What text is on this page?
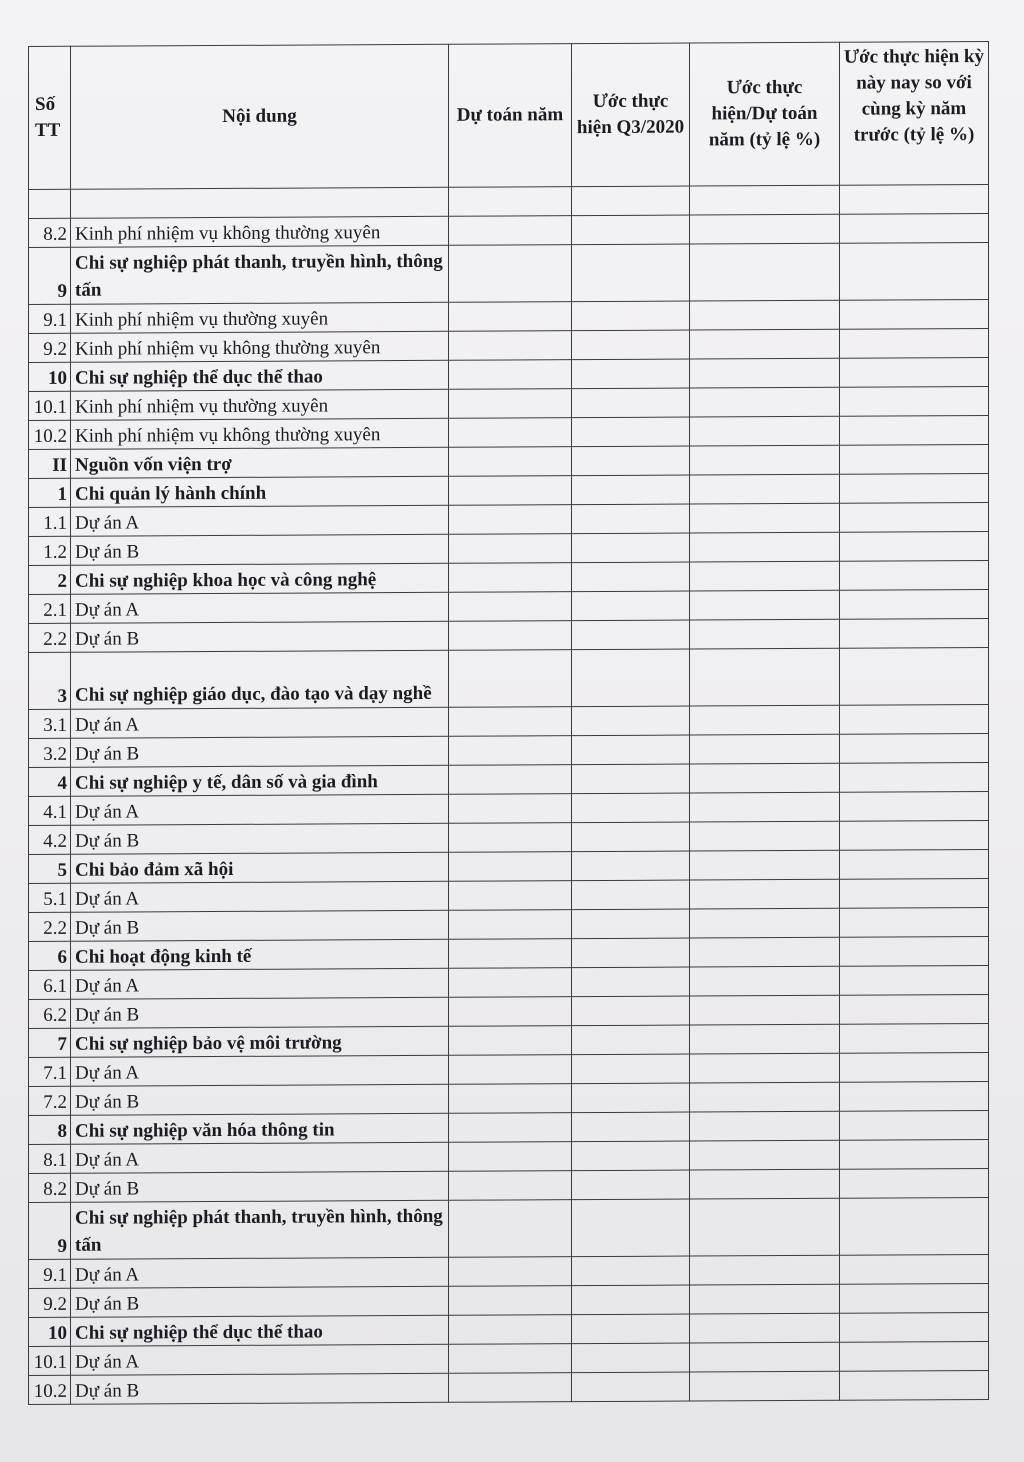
Số TT	Nội dung	Dự toán năm	Ước thực hiện Q3/2020	Ước thực hiện/Dự toán năm (tỷ lệ %)	Ước thực hiện kỳ này nay so với cùng kỳ năm trước (tỷ lệ %)

8.2	Kinh phí nhiệm vụ không thường xuyên				
9	Chi sự nghiệp phát thanh, truyền hình, thông tấn				
9.1	Kinh phí nhiệm vụ thường xuyên				
9.2	Kinh phí nhiệm vụ không thường xuyên				
10	Chi sự nghiệp thể dục thể thao				
10.1	Kinh phí nhiệm vụ thường xuyên				
10.2	Kinh phí nhiệm vụ không thường xuyên				
II	Nguồn vốn viện trợ				
1	Chi quản lý hành chính				
1.1	Dự án A				
1.2	Dự án B				
2	Chi sự nghiệp khoa học và công nghệ				
2.1	Dự án A				
2.2	Dự án B				
3	Chi sự nghiệp giáo dục, đào tạo và dạy nghề				
3.1	Dự án A				
3.2	Dự án B				
4	Chi sự nghiệp y tế, dân số và gia đình				
4.1	Dự án A				
4.2	Dự án B				
5	Chi bảo đảm xã hội				
5.1	Dự án A				
2.2	Dự án B				
6	Chi hoạt động kinh tế				
6.1	Dự án A				
6.2	Dự án B				
7	Chi sự nghiệp bảo vệ môi trường				
7.1	Dự án A				
7.2	Dự án B				
8	Chi sự nghiệp văn hóa thông tin				
8.1	Dự án A				
8.2	Dự án B				
9	Chi sự nghiệp phát thanh, truyền hình, thông tấn				
9.1	Dự án A				
9.2	Dự án B				
10	Chi sự nghiệp thể dục thể thao				
10.1	Dự án A				
10.2	Dự án B				
